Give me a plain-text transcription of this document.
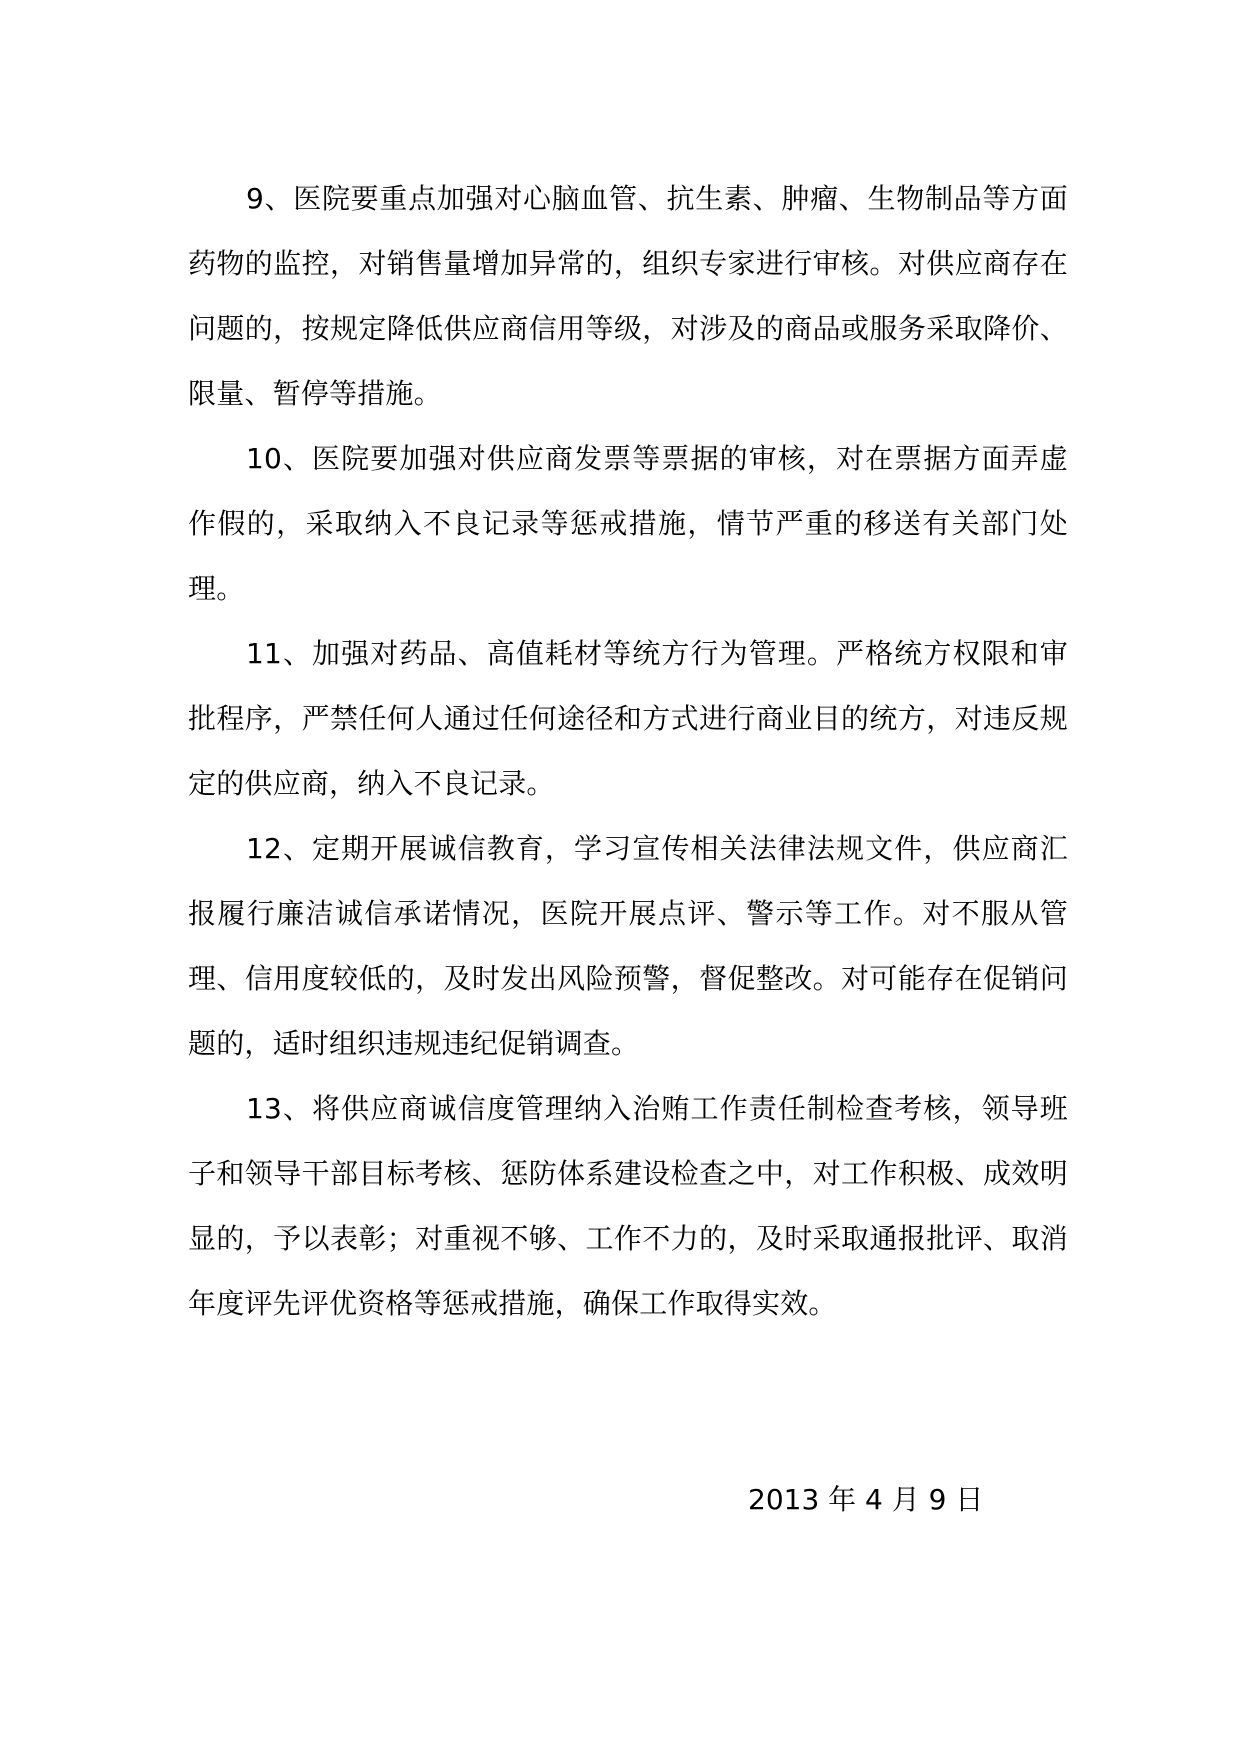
9、医院要重点加强对心脑血管、抗生素、肿瘤、生物制品等方面药物的监控，对销售量增加异常的，组织专家进行审核。对供应商存在问题的，按规定降低供应商信用等级，对涉及的商品或服务采取降价、限量、暂停等措施。

10、医院要加强对供应商发票等票据的审核，对在票据方面弄虚作假的，采取纳入不良记录等惩戒措施，情节严重的移送有关部门处理。

11、加强对药品、高值耗材等统方行为管理。严格统方权限和审批程序，严禁任何人通过任何途径和方式进行商业目的统方，对违反规定的供应商，纳入不良记录。

12、定期开展诚信教育，学习宣传相关法律法规文件，供应商汇报履行廉洁诚信承诺情况，医院开展点评、警示等工作。对不服从管理、信用度较低的，及时发出风险预警，督促整改。对可能存在促销问题的，适时组织违规违纪促销调查。

13、将供应商诚信度管理纳入治贿工作责任制检查考核，领导班子和领导干部目标考核、惩防体系建设检查之中，对工作积极、成效明显的，予以表彰；对重视不够、工作不力的，及时采取通报批评、取消年度评先评优资格等惩戒措施，确保工作取得实效。

2013 年 4 月 9 日
